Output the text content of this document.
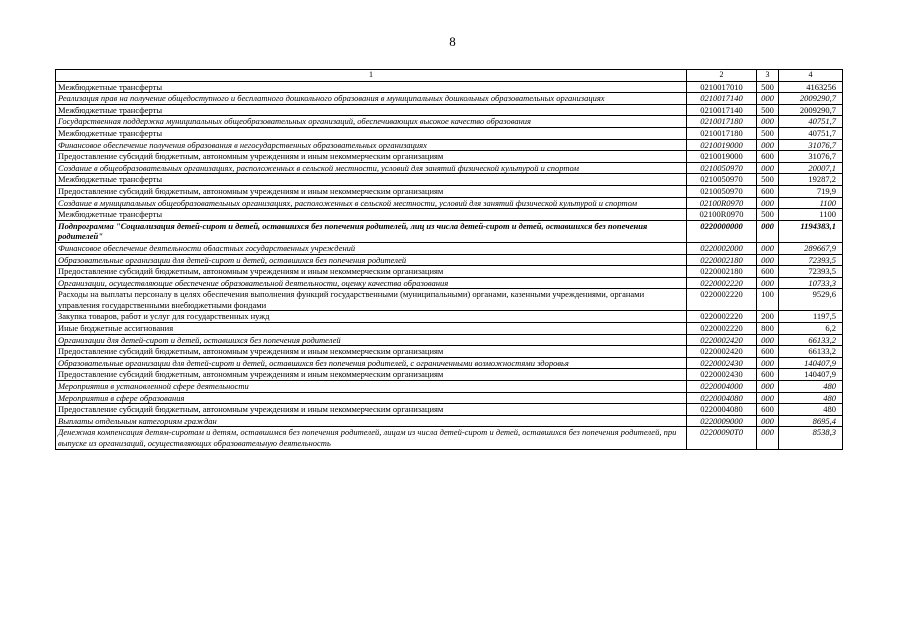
8
1	2	3	4
Межбюджетные трансферты	0210017010	500	4163256
Реализация прав на получение общедоступного и бесплатного дошкольного образования в муниципальных дошкольных образовательных организациях	0210017140	000	2009290,7
Межбюджетные трансферты	0210017140	500	2009290,7
Государственная поддержка муниципальных общеобразовательных организаций, обеспечивающих высокое качество образования	0210017180	000	40751,7
Межбюджетные трансферты	0210017180	500	40751,7
Финансовое обеспечение получения образования в негосударственных образовательных организациях	0210019000	000	31076,7
Предоставление субсидий бюджетным, автономным учреждениям и иным некоммерческим организациям	0210019000	600	31076,7
Создание в общеобразовательных организациях, расположенных в сельской местности, условий для занятий физической культурой и спортом	0210050970	000	20007,1
Межбюджетные трансферты	0210050970	500	19287,2
Предоставление субсидий бюджетным, автономным учреждениям и иным некоммерческим организациям	0210050970	600	719,9
Создание в муниципальных общеобразовательных организациях, расположенных в сельской местности, условий для занятий физической культурой и спортом	02100R0970	000	1100
Межбюджетные трансферты	02100R0970	500	1100
Подпрограмма "Социализация детей-сирот и детей, оставшихся без попечения родителей, лиц из числа детей-сирот и детей, оставшихся без попечения родителей"	0220000000	000	1194383,1
Финансовое обеспечение деятельности областных государственных учреждений	0220002000	000	289667,9
Образовательные организации для детей-сирот и детей, оставшихся без попечения родителей	0220002180	000	72393,5
Предоставление субсидий бюджетным, автономным учреждениям и иным некоммерческим организациям	0220002180	600	72393,5
Организации, осуществляющие обеспечение образовательной деятельности, оценку качества образования	0220002220	000	10733,3
Расходы на выплаты персоналу в целях обеспечения выполнения функций государственными (муниципальными) органами, казенными учреждениями, органами управления государственными внебюджетными фондами	0220002220	100	9529,6
Закупка товаров, работ и услуг для государственных нужд	0220002220	200	1197,5
Иные бюджетные ассигнования	0220002220	800	6,2
Организации для детей-сирот и детей, оставшихся без попечения родителей	0220002420	000	66133,2
Предоставление субсидий бюджетным, автономным учреждениям и иным некоммерческим организациям	0220002420	600	66133,2
Образовательные организации для детей-сирот и детей, оставшихся без попечения родителей, с ограниченными возможностями здоровья	0220002430	000	140407,9
Предоставление субсидий бюджетным, автономным учреждениям и иным некоммерческим организациям	0220002430	600	140407,9
Мероприятия в установленной сфере деятельности	0220004000	000	480
Мероприятия в сфере образования	0220004080	000	480
Предоставление субсидий бюджетным, автономным учреждениям и иным некоммерческим организациям	0220004080	600	480
Выплаты отдельным категориям граждан	0220009000	000	8695,4
Денежная компенсация детям-сиротам и детям, оставшимся без попечения родителей, лицам из числа детей-сирот и детей, оставшихся без попечения родителей, при выпуске из организаций, осуществляющих образовательную деятельность	02200090Т0	000	8538,3
